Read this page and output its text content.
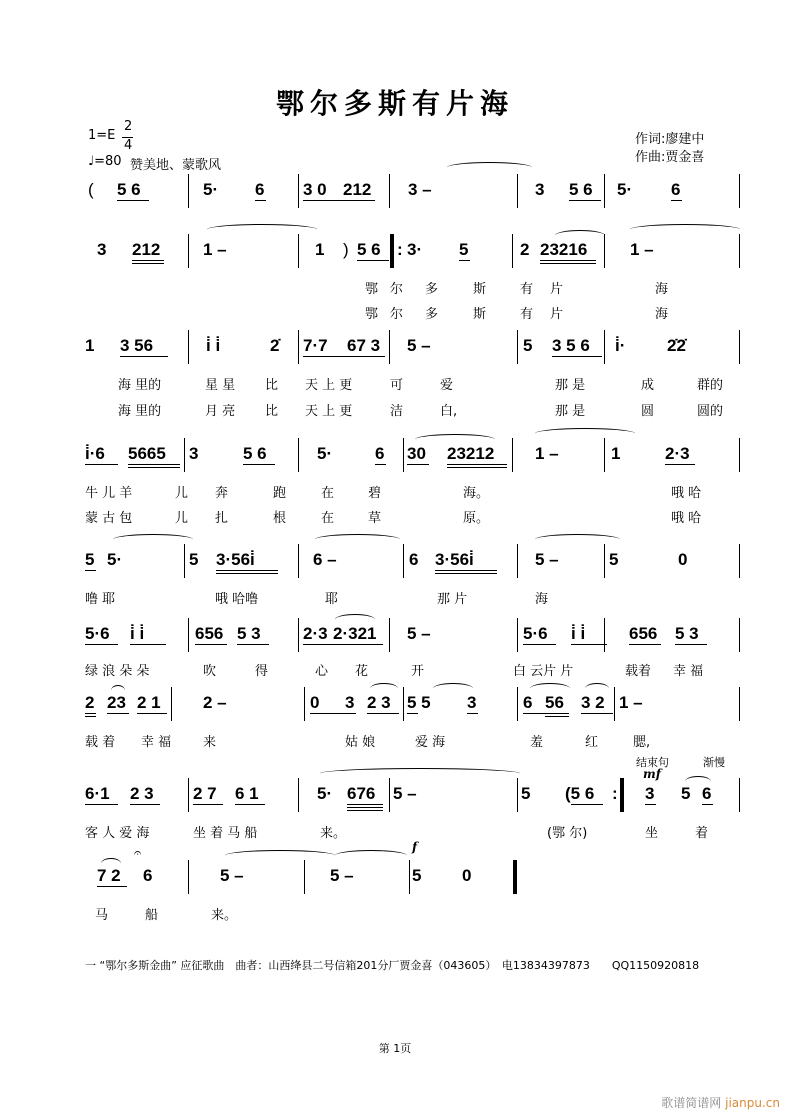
鄂尔多斯有片海
1=E
2
4
♩=80 赞美地、蒙歌风
作词:廖建中
作曲:贾金喜
( 5 6	5· 6 3 0 212 3 –	3 5 6 5· 6
3 212	1 –	1 ) 5 6 : 3· 5	2 23216	1 –
鄂 尔 多	斯	有 片	海
鄂 尔 多	斯	有 片	海
1 3 56	i̇ i̇	2̇ 7·7 67 3 5 –	5 3 5 6 i̇· 2̇2̇
海 里的	星 星 比 天 上 更	可	爱	那 是	成	群的
海 里的	月 亮 比 天 上 更	洁	白,	那 是	圆	圆的
i̇·6 5665 3	5 6	5·	6 30 23212 1 –	1	2·3
牛 儿 羊	儿 奔	跑	在	碧	海。	哦 哈
蒙 古 包	儿 扎	根	在	草	原。	哦 哈
5 5·	5 3·56i̇	6 –	6 3·56i̇	5 –	5	0
噜 耶	哦 哈噜	耶	那 片	海
5·6 i̇ i̇	656 5 3 2·3 2·321 5 –	5·6 i̇ i̇	656 5 3
绿 浪 朵 朵	吹	得	心 花	开	白 云片 片	载着 幸 福
2 23 2 1 2 –	0 3 2 3 5 5 3	6 56 3 2 1 –
载 着 幸 福 来	姑 娘	爱 海	羞	红	腮,
结束句	渐慢
mf
6·1 2 3 2 7 6 1	5· 676 5 –	5 (5 6 : 3 5 6
客 人 爱 海	坐 着 马 船	来。	(鄂 尔)	坐	着
𝄐	f
7 2 6	5 –	5 –	5 0
马	船	来。
一 “鄂尔多斯金曲” 应征歌曲　曲者：山西绛县二号信箱201分厂贾金喜（043605）　电13834397873　　QQ1150920818
第 1页
歌谱简谱网 jianpu.cn
